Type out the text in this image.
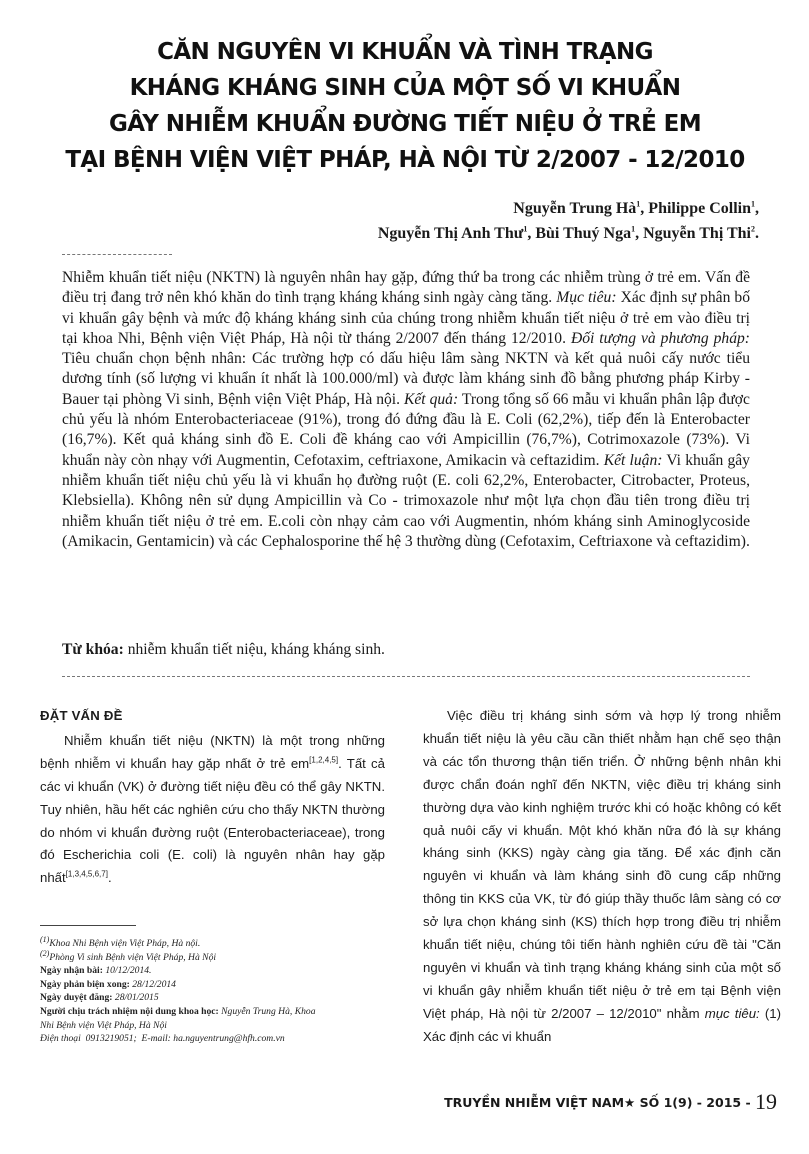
CĂN NGUYÊN VI KHUẨN VÀ TÌNH TRẠNG
KHÁNG KHÁNG SINH CỦA MỘT SỐ VI KHUẨN
GÂY NHIỄM KHUẨN ĐƯỜNG TIẾT NIỆU Ở TRẺ EM
TẠI BỆNH VIỆN VIỆT PHÁP, HÀ NỘI TỪ 2/2007 - 12/2010
Nguyễn Trung $Hà^1$, Philippe Collin$^1$,
Nguyễn Thị Anh Thư$^1$, Bùi Thuý Nga$^1$, Nguyễn Thị Thi$^2$.

Nhiễm khuẩn tiết niệu (NKTN) là nguyên nhân hay gặp, đứng thứ ba trong các nhiễm trùng ở trẻ em. Vấn đề điều trị đang trở nên khó khăn do tình trạng kháng kháng sinh ngày càng tăng. Mục tiêu: Xác định sự phân bố vi khuẩn gây bệnh và mức độ kháng kháng sinh của chúng trong nhiễm khuẩn tiết niệu ở trẻ em vào điều trị tại khoa Nhi, Bệnh viện Việt Pháp, Hà nội từ tháng 2/2007 đến tháng 12/2010. Đối tượng và phương pháp: Tiêu chuẩn chọn bệnh nhân: Các trường hợp có dấu hiệu lâm sàng NKTN và kết quả nuôi cấy nước tiểu dương tính (số lượng vi khuẩn ít nhất là 100.000/ml) và được làm kháng sinh đồ bằng phương pháp Kirby - Bauer tại phòng Vi sinh, Bệnh viện Việt Pháp, Hà nội. Kết quả: Trong tổng số 66 mẫu vi khuẩn phân lập được chủ yếu là nhóm Enterobacteriaceae (91%), trong đó đứng đầu là E. Coli (62,2%), tiếp đến là Enterobacter (16,7%). Kết quả kháng sinh đồ E. Coli đề kháng cao với Ampicillin (76,7%), Cotrimoxazole (73%). Vi khuẩn này còn nhạy với Augmentin, Cefotaxim, ceftriaxone, Amikacin và ceftazidim. Kết luận: Vi khuẩn gây nhiễm khuẩn tiết niệu chủ yếu là vi khuẩn họ đường ruột (E. coli 62,2%, Enterobacter, Citrobacter, Proteus, Klebsiella). Không nên sử dụng Ampicillin và Co - trimoxazole như một lựa chọn đầu tiên trong điều trị nhiễm khuẩn tiết niệu ở trẻ em. E.coli còn nhạy cảm cao với Augmentin, nhóm kháng sinh Aminoglycoside (Amikacin, Gentamicin) và các Cephalosporine thế hệ 3 thường dùng (Cefotaxim, Ceftriaxone và ceftazidim).

Từ khóa: nhiễm khuẩn tiết niệu, kháng kháng sinh.
ĐẶT VẤN ĐỀ

Nhiễm khuẩn tiết niệu (NKTN) là một trong những bệnh nhiễm vi khuẩn hay gặp nhất ở trẻ em[1,2,4,5]. Tất cả các vi khuẩn (VK) ở đường tiết niệu đều có thể gây NKTN. Tuy nhiên, hầu hết các nghiên cứu cho thấy NKTN thường do nhóm vi khuẩn đường ruột (Enterobacteriaceae), trong đó Escherichia coli (E. coli) là nguyên nhân hay gặp nhất[1,3,4,5,6,7].

Việc điều trị kháng sinh sớm và hợp lý trong nhiễm khuẩn tiết niệu là yêu cầu cần thiết nhằm hạn chế sẹo thận và các tổn thương thận tiến triển. Ở những bệnh nhân khi được chẩn đoán nghĩ đến NKTN, việc điều trị kháng sinh thường dựa vào kinh nghiệm trước khi có hoặc không có kết quả nuôi cấy vi khuẩn. Một khó khăn nữa đó là sự kháng kháng sinh (KKS) ngày càng gia tăng. Để xác định căn nguyên vi khuẩn và làm kháng sinh đồ cung cấp những thông tin KKS của VK, từ đó giúp thầy thuốc lâm sàng có cơ sở lựa chọn kháng sinh (KS) thích hợp trong điều trị nhiễm khuẩn tiết niệu, chúng tôi tiến hành nghiên cứu đề tài "Căn nguyên vi khuẩn và tình trạng kháng kháng sinh của một số vi khuẩn gây nhiễm khuẩn tiết niệu ở trẻ em tại Bệnh viện Việt pháp, Hà nội từ 2/2007 – 12/2010" nhằm mục tiêu: (1) Xác định các vi khuẩn

$^{(1)}$Khoa Nhi Bệnh viện Việt Pháp, Hà nội.
$^{(2)}$Phòng Vi sinh Bệnh viện Việt Pháp, Hà Nội
Ngày nhận bài: 10/12/2014.
Ngày phản biện xong: 28/12/2014
Ngày duyệt đăng: 28/01/2015
Người chịu trách nhiệm nội dung khoa học: Nguyễn Trung Hà, Khoa
Nhi Bệnh viện Việt Pháp, Hà Nội
Điện thoại 0913219051; E-mail: ha.nguyentrung@hfh.com.vn
TRUYỀN NHIỄM VIỆT NAM★ SỐ 1(9) - 2015 - 19
